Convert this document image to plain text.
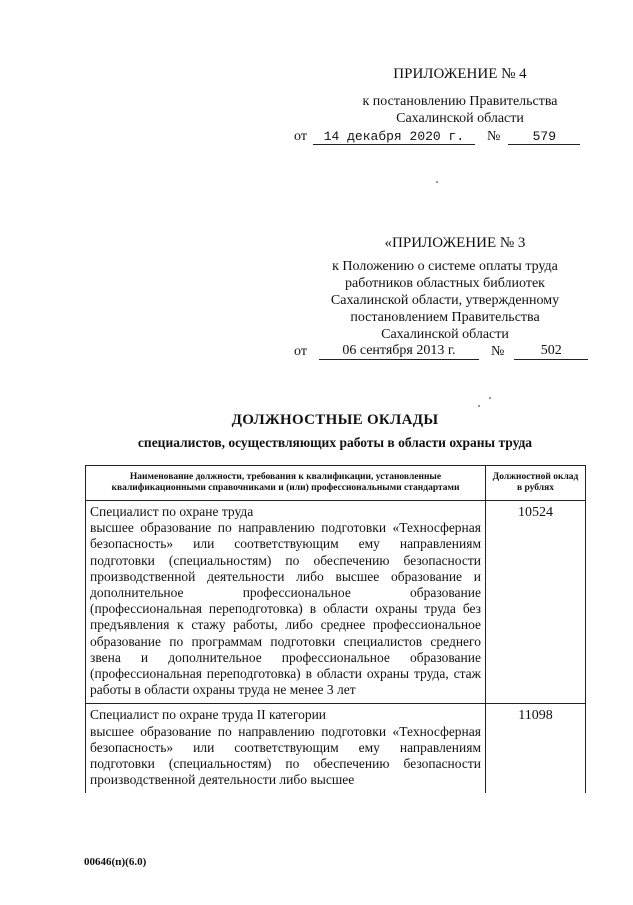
ПРИЛОЖЕНИЕ № 4
к постановлению Правительства
Сахалинской области
от	14 декабря 2020 г.	№	579
«ПРИЛОЖЕНИЕ № 3
к Положению о системе оплаты труда
работников областных библиотек
Сахалинской области, утвержденному
постановлением Правительства
Сахалинской области
от	06 сентября 2013 г.	№	502
ДОЛЖНОСТНЫЕ ОКЛАДЫ
специалистов, осуществляющих работы в области охраны труда
Наименование должности, требования к квалификации, установленные квалификационными справочниками и (или) профессиональными стандартами	Должностной оклад в рублях

Специалист по охране труда
высшее образование по направлению подготовки «Техносферная безопасность» или соответствующим ему направлениям подготовки (специальностям) по обеспечению безопасности производственной деятельности либо высшее образование и дополнительное профессиональное образование (профессиональная переподготовка) в области охраны труда без предъявления к стажу работы, либо среднее профессиональное образование по программам подготовки специалистов среднего звена и дополнительное профессиональное образование (профессиональная переподготовка) в области охраны труда, стаж работы в области охраны труда не менее 3 лет	10524

Специалист по охране труда II категории
высшее образование по направлению подготовки «Техносферная безопасность» или соответствующим ему направлениям подготовки (специальностям) по обеспечению безопасности производственной деятельности либо высшее	11098
00646(п)(6.0)
